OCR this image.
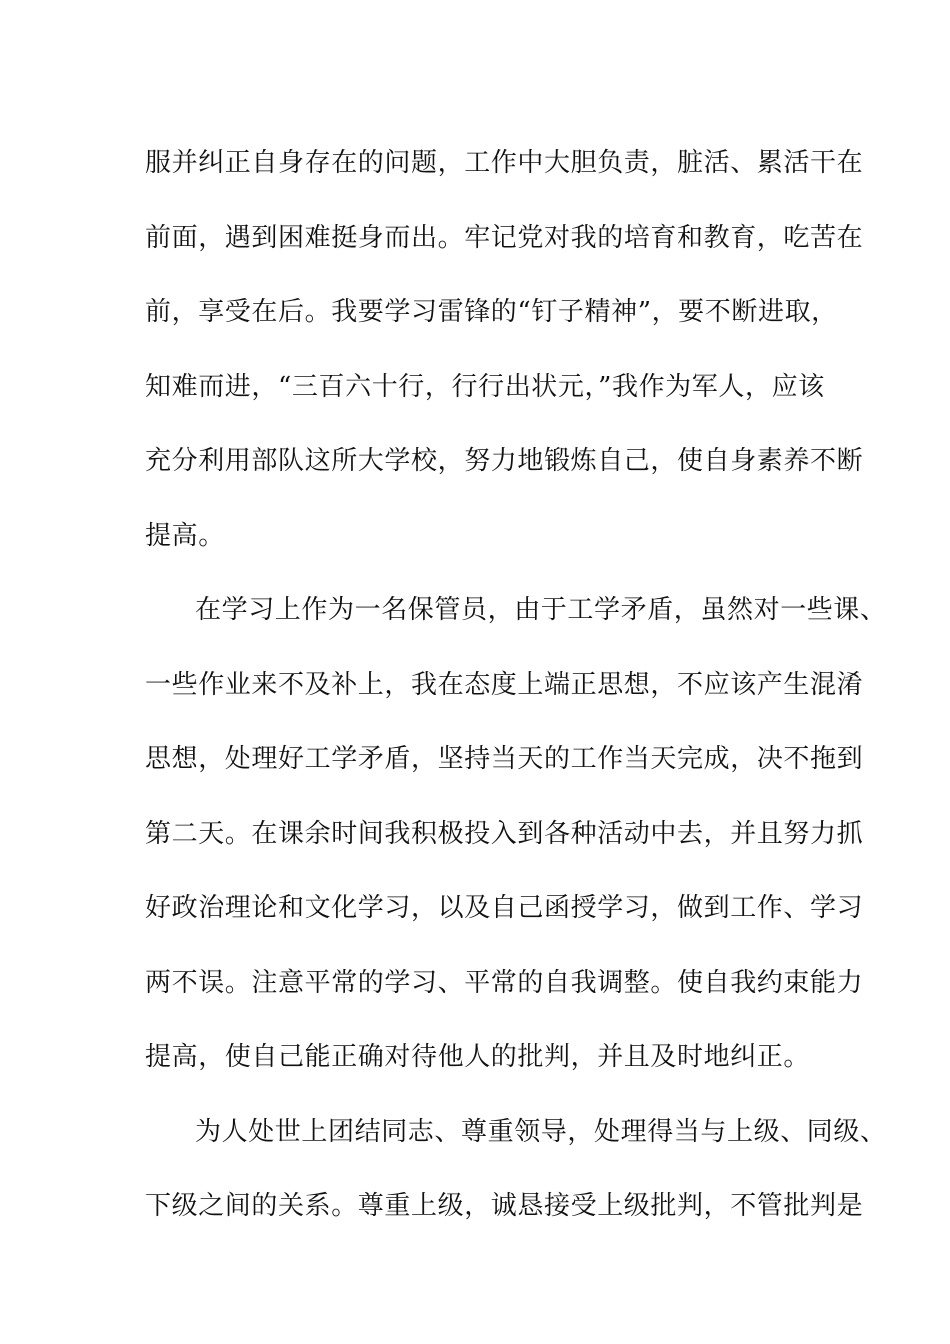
服并纠正自身存在的问题，工作中大胆负责，脏活、累活干在
前面，遇到困难挺身而出。牢记党对我的培育和教育，吃苦在
前，享受在后。我要学习雷锋的“钉子精神”，要不断进取，
知难而进，“三百六十行，行行出状元，”我作为军人，应该
充分利用部队这所大学校，努力地锻炼自己，使自身素养不断
提高。
在学习上作为一名保管员，由于工学矛盾，虽然对一些课、
一些作业来不及补上，我在态度上端正思想，不应该产生混淆
思想，处理好工学矛盾，坚持当天的工作当天完成，决不拖到
第二天。在课余时间我积极投入到各种活动中去，并且努力抓
好政治理论和文化学习，以及自己函授学习，做到工作、学习
两不误。注意平常的学习、平常的自我调整。使自我约束能力
提高，使自己能正确对待他人的批判，并且及时地纠正。
为人处世上团结同志、尊重领导，处理得当与上级、同级、
下级之间的关系。尊重上级，诚恳接受上级批判，不管批判是
